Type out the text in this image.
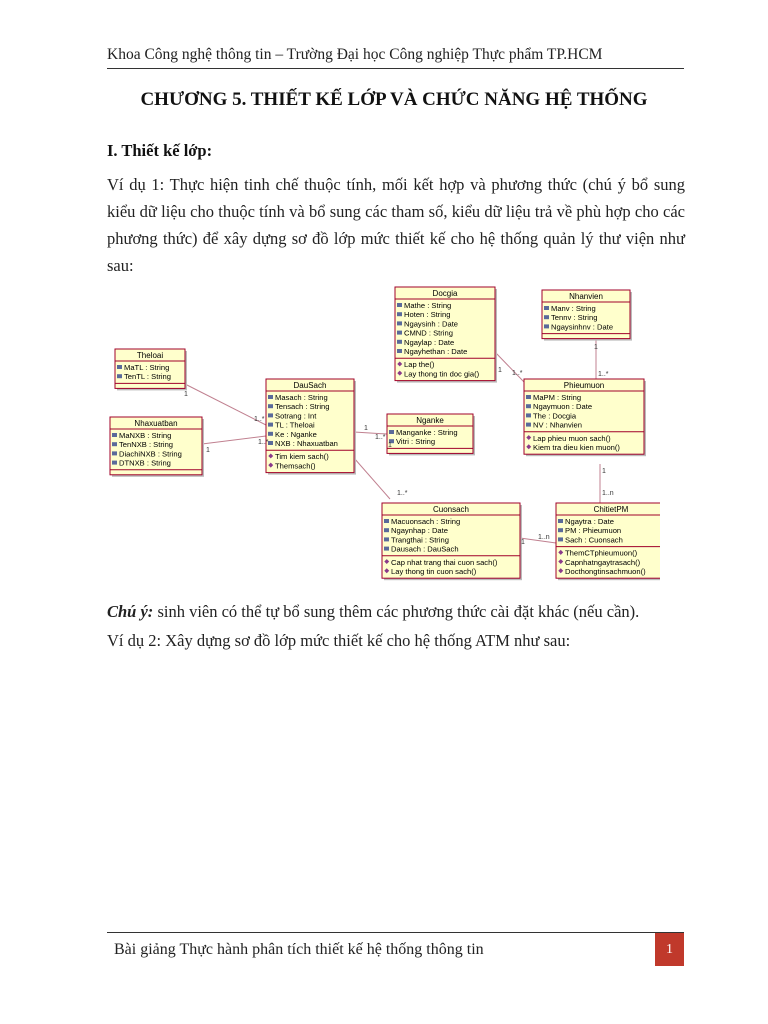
Khoa Công nghệ thông tin – Trường Đại học Công nghiệp Thực phẩm TP.HCM
CHƯƠNG 5. THIẾT KẾ LỚP VÀ CHỨC NĂNG HỆ THỐNG
I. Thiết kế lớp:
Ví dụ 1: Thực hiện tinh chế thuộc tính, mối kết hợp và phương thức (chú ý bổ sung kiểu dữ liệu cho thuộc tính và bổ sung các tham số, kiểu dữ liệu trả về phù hợp cho các phương thức) để xây dựng sơ đồ lớp mức thiết kế cho hệ thống quản lý thư viện như sau:
Theloai
MaTL : String
TenTL : String
Nhaxuatban
MaNXB : String
TenNXB : String
DiachiNXB : String
DTNXB : String
DauSach
Masach : String
Tensach : String
Sotrang : Int
TL : Theloai
Ke : Nganke
NXB : Nhaxuatban
Tim kiem sach()
Themsach()
Docgia
Mathe : String
Hoten : String
Ngaysinh : Date
CMND : String
Ngaylap : Date
Ngayhethan : Date
Lap the()
Lay thong tin doc gia()
Nganke
Manganke : String
Vitri : String
Nhanvien
Manv : String
Tennv : String
Ngaysinhnv : Date
Phieumuon
MaPM : String
Ngaymuon : Date
The : Docgia
NV : Nhanvien
Lap phieu muon sach()
Kiem tra dieu kien muon()
Cuonsach
Macuonsach : String
Ngaynhap : Date
Trangthai : String
Dausach : DauSach
Cap nhat trang thai cuon sach()
Lay thong tin cuon sach()
ChitietPM
Ngaytra : Date
PM : Phieumuon
Sach : Cuonsach
ThemCTphieumuon()
Capnhatngaytrasach()
Docthongtinsachmuon()
1
1..*
1
1..*
1
1..*
1..*
1
1..*
1
1..*
1
1..n
1
1..n
1
Chú ý: sinh viên có thể tự bổ sung thêm các phương thức cài đặt khác (nếu cần).
Ví dụ 2: Xây dựng sơ đồ lớp mức thiết kế cho hệ thống ATM như sau:
Bài giảng Thực hành phân tích thiết kế hệ thống thông tin	1
